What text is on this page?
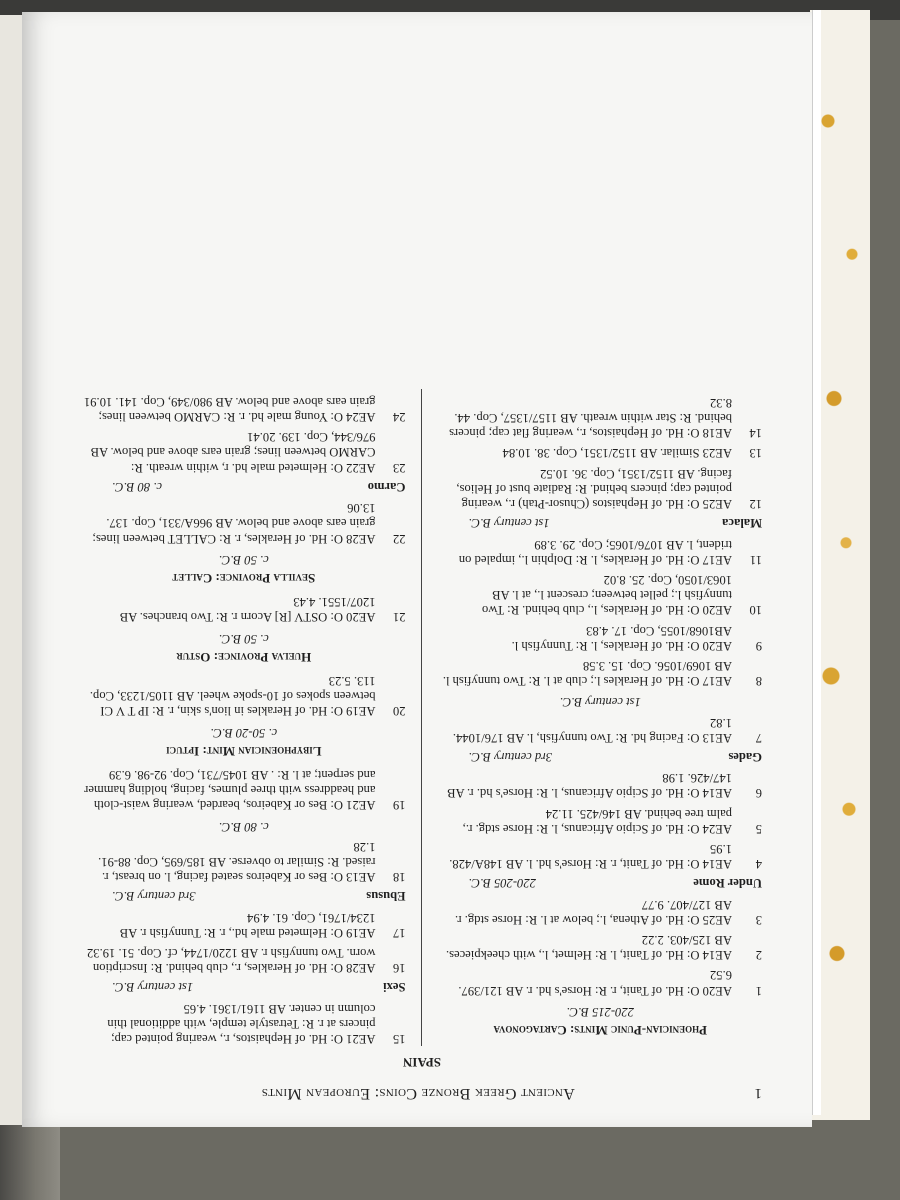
1
Ancient Greek Bronze Coins: European Mints
SPAIN
Phoenician-Punic Mints: Cartagonova
220-215 B.C.
1
AE20 O: Hd. of Tanit, r. R: Horse's hd. r. AB 121/397. 6.52
2
AE14 O: Hd. of Tanit, l. R: Helmet, l., with cheekpieces. AB 125/403. 2.22
3
AE25 O: Hd. of Athena, l.; below at l. R: Horse stdg. r. AB 127/407. 9.77
Under Rome
220-205 B.C.
4
AE14 O: Hd. of Tanit, r. R: Horse's hd. l. AB 148A/428. 1.95
5
AE24 O: Hd. of Scipio Africanus, l. R: Horse stdg. r., palm tree behind. AB 146/425. 11.24
6
AE14 O: Hd. of Scipio Africanus, l. R: Horse's hd. r. AB 147/426. 1.98
Gades
3rd century B.C.
7
AE13 O: Facing hd. R: Two tunnyfish, l. AB 176/1044. 1.82
1st century B.C.
8
AE17 O: Hd. of Herakles l.; club at l. R: Two tunnyfish l. AB 1069/1056. Cop. 15. 3.58
9
AE20 O: Hd. of Herakles, l. R: Tunnyfish l. AB1068/1055, Cop. 17. 4.83
10
AE20 O: Hd. of Herakles, l., club behind. R: Two tunnyfish l.; pellet between; crescent l., at l. AB 1063/1050, Cop. 25. 8.02
11
AE17 O: Hd. of Herakles, l. R: Dolphin l., impaled on trident, l. AB 1076/1065; Cop. 29. 3.89
Malaca
1st century B.C.
12
AE25 O: Hd. of Hephaistos (Chusor-Ptah) r., wearing pointed cap; pincers behind. R: Radiate bust of Helios, facing. AB 1152/1351, Cop. 36. 10.52
13
AE23 Similar. AB 1152/1351, Cop. 38. 10.84
14
AE18 O: Hd. of Hephaistos, r., wearing flat cap; pincers behind. R: Star within wreath. AB 1157/1357, Cop. 44. 8.32
15
AE21 O: Hd. of Hephaistos, r., wearing pointed cap; pincers at r. R: Tetrastyle temple, with additional thin column in center. AB 1161/1361. 4.65
Sexi
1st century B.C.
16
AE28 O: Hd. of Herakles, r., club behind. R: Inscription worn. Two tunnyfish r. AB 1220/1744, cf. Cop. 51. 19.32
17
AE19 O: Helmeted male hd., r. R: Tunnyfish r. AB 1234/1761, Cop. 61. 4.94
Ebusus
3rd century B.C.
18
AE13 O: Bes or Kabeiros seated facing, l. on breast, r. raised. R: Similar to obverse. AB 185/695, Cop. 88-91. 1.28
c. 80 B.C.
19
AE21 O: Bes or Kabeiros, bearded, wearing waist-cloth and headdress with three plumes, facing, holding hammer and serpent; at l. R: . AB 1045/731, Cop. 92-98. 6.39
Libyphoenician Mint: Iptuci
c. 50-20 B.C.
20
AE19 O: Hd. of Herakles in lion's skin, r. R: IP T V CI between spokes of 10-spoke wheel. AB 1105/1233, Cop. 113. 5.23
Huelva Province: Ostur
c. 50 B.C.
21
AE20 O: OSTV [R] Acorn r. R: Two branches. AB 1207/1551. 4.43
Sevilla Province: Callet
c. 50 B.C.
22
AE28 O: Hd. of Herakles, r. R: CALLET between lines; grain ears above and below. AB 966A/331, Cop. 137. 13.06
Carmo
c. 80 B.C.
23
AE22 O: Helmeted male hd. r, within wreath. R: CARMO between lines; grain ears above and below. AB 976/344, Cop. 139. 20.41
24
AE24 O: Young male hd. r. R: CARMO between lines; grain ears above and below. AB 980/349, Cop. 141. 10.91
